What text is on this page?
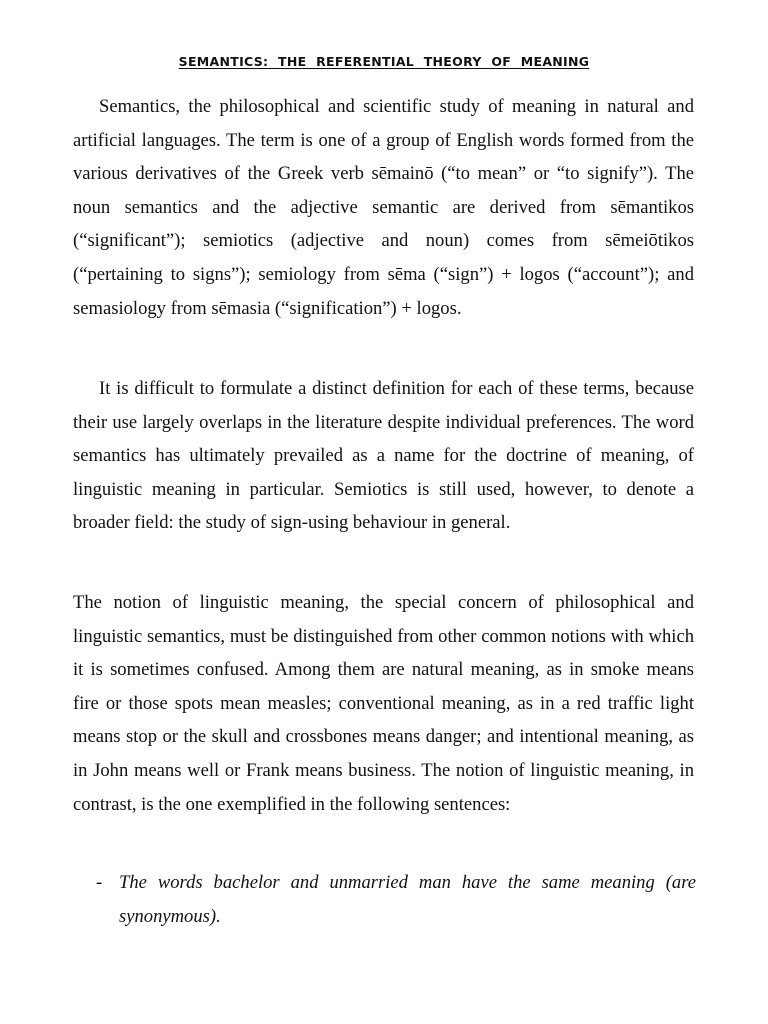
SEMANTICS: THE REFERENTIAL THEORY OF MEANING

Semantics, the philosophical and scientific study of meaning in natural and artificial languages. The term is one of a group of English words formed from the various derivatives of the Greek verb sēmainō (“to mean” or “to signify”). The noun semantics and the adjective semantic are derived from sēmantikos (“significant”); semiotics (adjective and noun) comes from sēmeiōtikos (“pertaining to signs”); semiology from sēma (“sign”) + logos (“account”); and semasiology from sēmasia (“signification”) + logos.

It is difficult to formulate a distinct definition for each of these terms, because their use largely overlaps in the literature despite individual preferences. The word semantics has ultimately prevailed as a name for the doctrine of meaning, of linguistic meaning in particular. Semiotics is still used, however, to denote a broader field: the study of sign-using behaviour in general.

The notion of linguistic meaning, the special concern of philosophical and linguistic semantics, must be distinguished from other common notions with which it is sometimes confused. Among them are natural meaning, as in smoke means fire or those spots mean measles; conventional meaning, as in a red traffic light means stop or the skull and crossbones means danger; and intentional meaning, as in John means well or Frank means business. The notion of linguistic meaning, in contrast, is the one exemplified in the following sentences:

- The words bachelor and unmarried man have the same meaning (are synonymous).
